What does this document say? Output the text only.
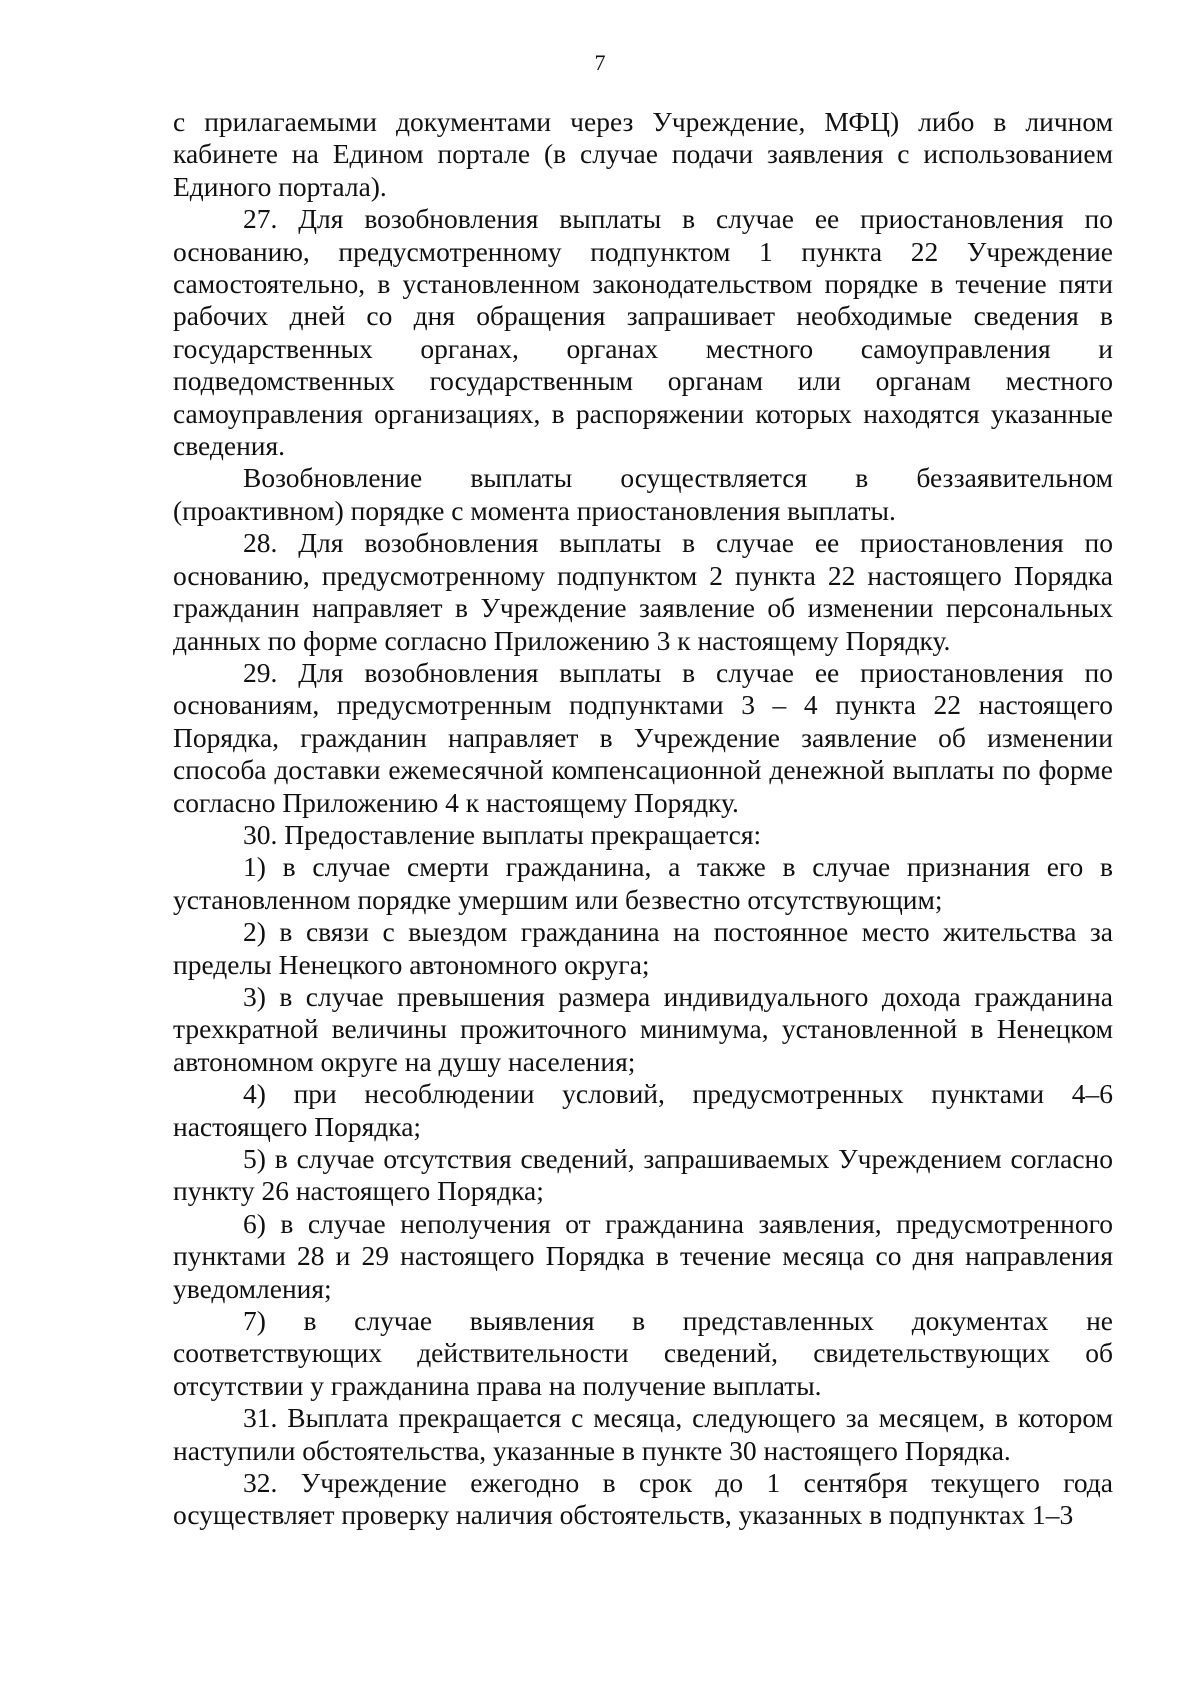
7

с прилагаемыми документами через Учреждение, МФЦ) либо в личном кабинете на Едином портале (в случае подачи заявления с использованием Единого портала).

27. Для возобновления выплаты в случае ее приостановления по основанию, предусмотренному подпунктом 1 пункта 22 Учреждение самостоятельно, в установленном законодательством порядке в течение пяти рабочих дней со дня обращения запрашивает необходимые сведения в государственных органах, органах местного самоуправления и подведомственных государственным органам или органам местного самоуправления организациях, в распоряжении которых находятся указанные сведения.

Возобновление выплаты осуществляется в беззаявительном (проактивном) порядке с момента приостановления выплаты.

28. Для возобновления выплаты в случае ее приостановления по основанию, предусмотренному подпунктом 2 пункта 22 настоящего Порядка гражданин направляет в Учреждение заявление об изменении персональных данных по форме согласно Приложению 3 к настоящему Порядку.

29. Для возобновления выплаты в случае ее приостановления по основаниям, предусмотренным подпунктами 3 – 4 пункта 22 настоящего Порядка, гражданин направляет в Учреждение заявление об изменении способа доставки ежемесячной компенсационной денежной выплаты по форме согласно Приложению 4 к настоящему Порядку.

30. Предоставление выплаты прекращается:

1) в случае смерти гражданина, а также в случае признания его в установленном порядке умершим или безвестно отсутствующим;

2) в связи с выездом гражданина на постоянное место жительства за пределы Ненецкого автономного округа;

3) в случае превышения размера индивидуального дохода гражданина трехкратной величины прожиточного минимума, установленной в Ненецком автономном округе на душу населения;

4) при несоблюдении условий, предусмотренных пунктами 4–6 настоящего Порядка;

5) в случае отсутствия сведений, запрашиваемых Учреждением согласно пункту 26 настоящего Порядка;

6) в случае неполучения от гражданина заявления, предусмотренного пунктами 28 и 29 настоящего Порядка в течение месяца со дня направления уведомления;

7) в случае выявления в представленных документах не соответствующих действительности сведений, свидетельствующих об отсутствии у гражданина права на получение выплаты.

31. Выплата прекращается с месяца, следующего за месяцем, в котором наступили обстоятельства, указанные в пункте 30 настоящего Порядка.

32. Учреждение ежегодно в срок до 1 сентября текущего года осуществляет проверку наличия обстоятельств, указанных в подпунктах 1–3
